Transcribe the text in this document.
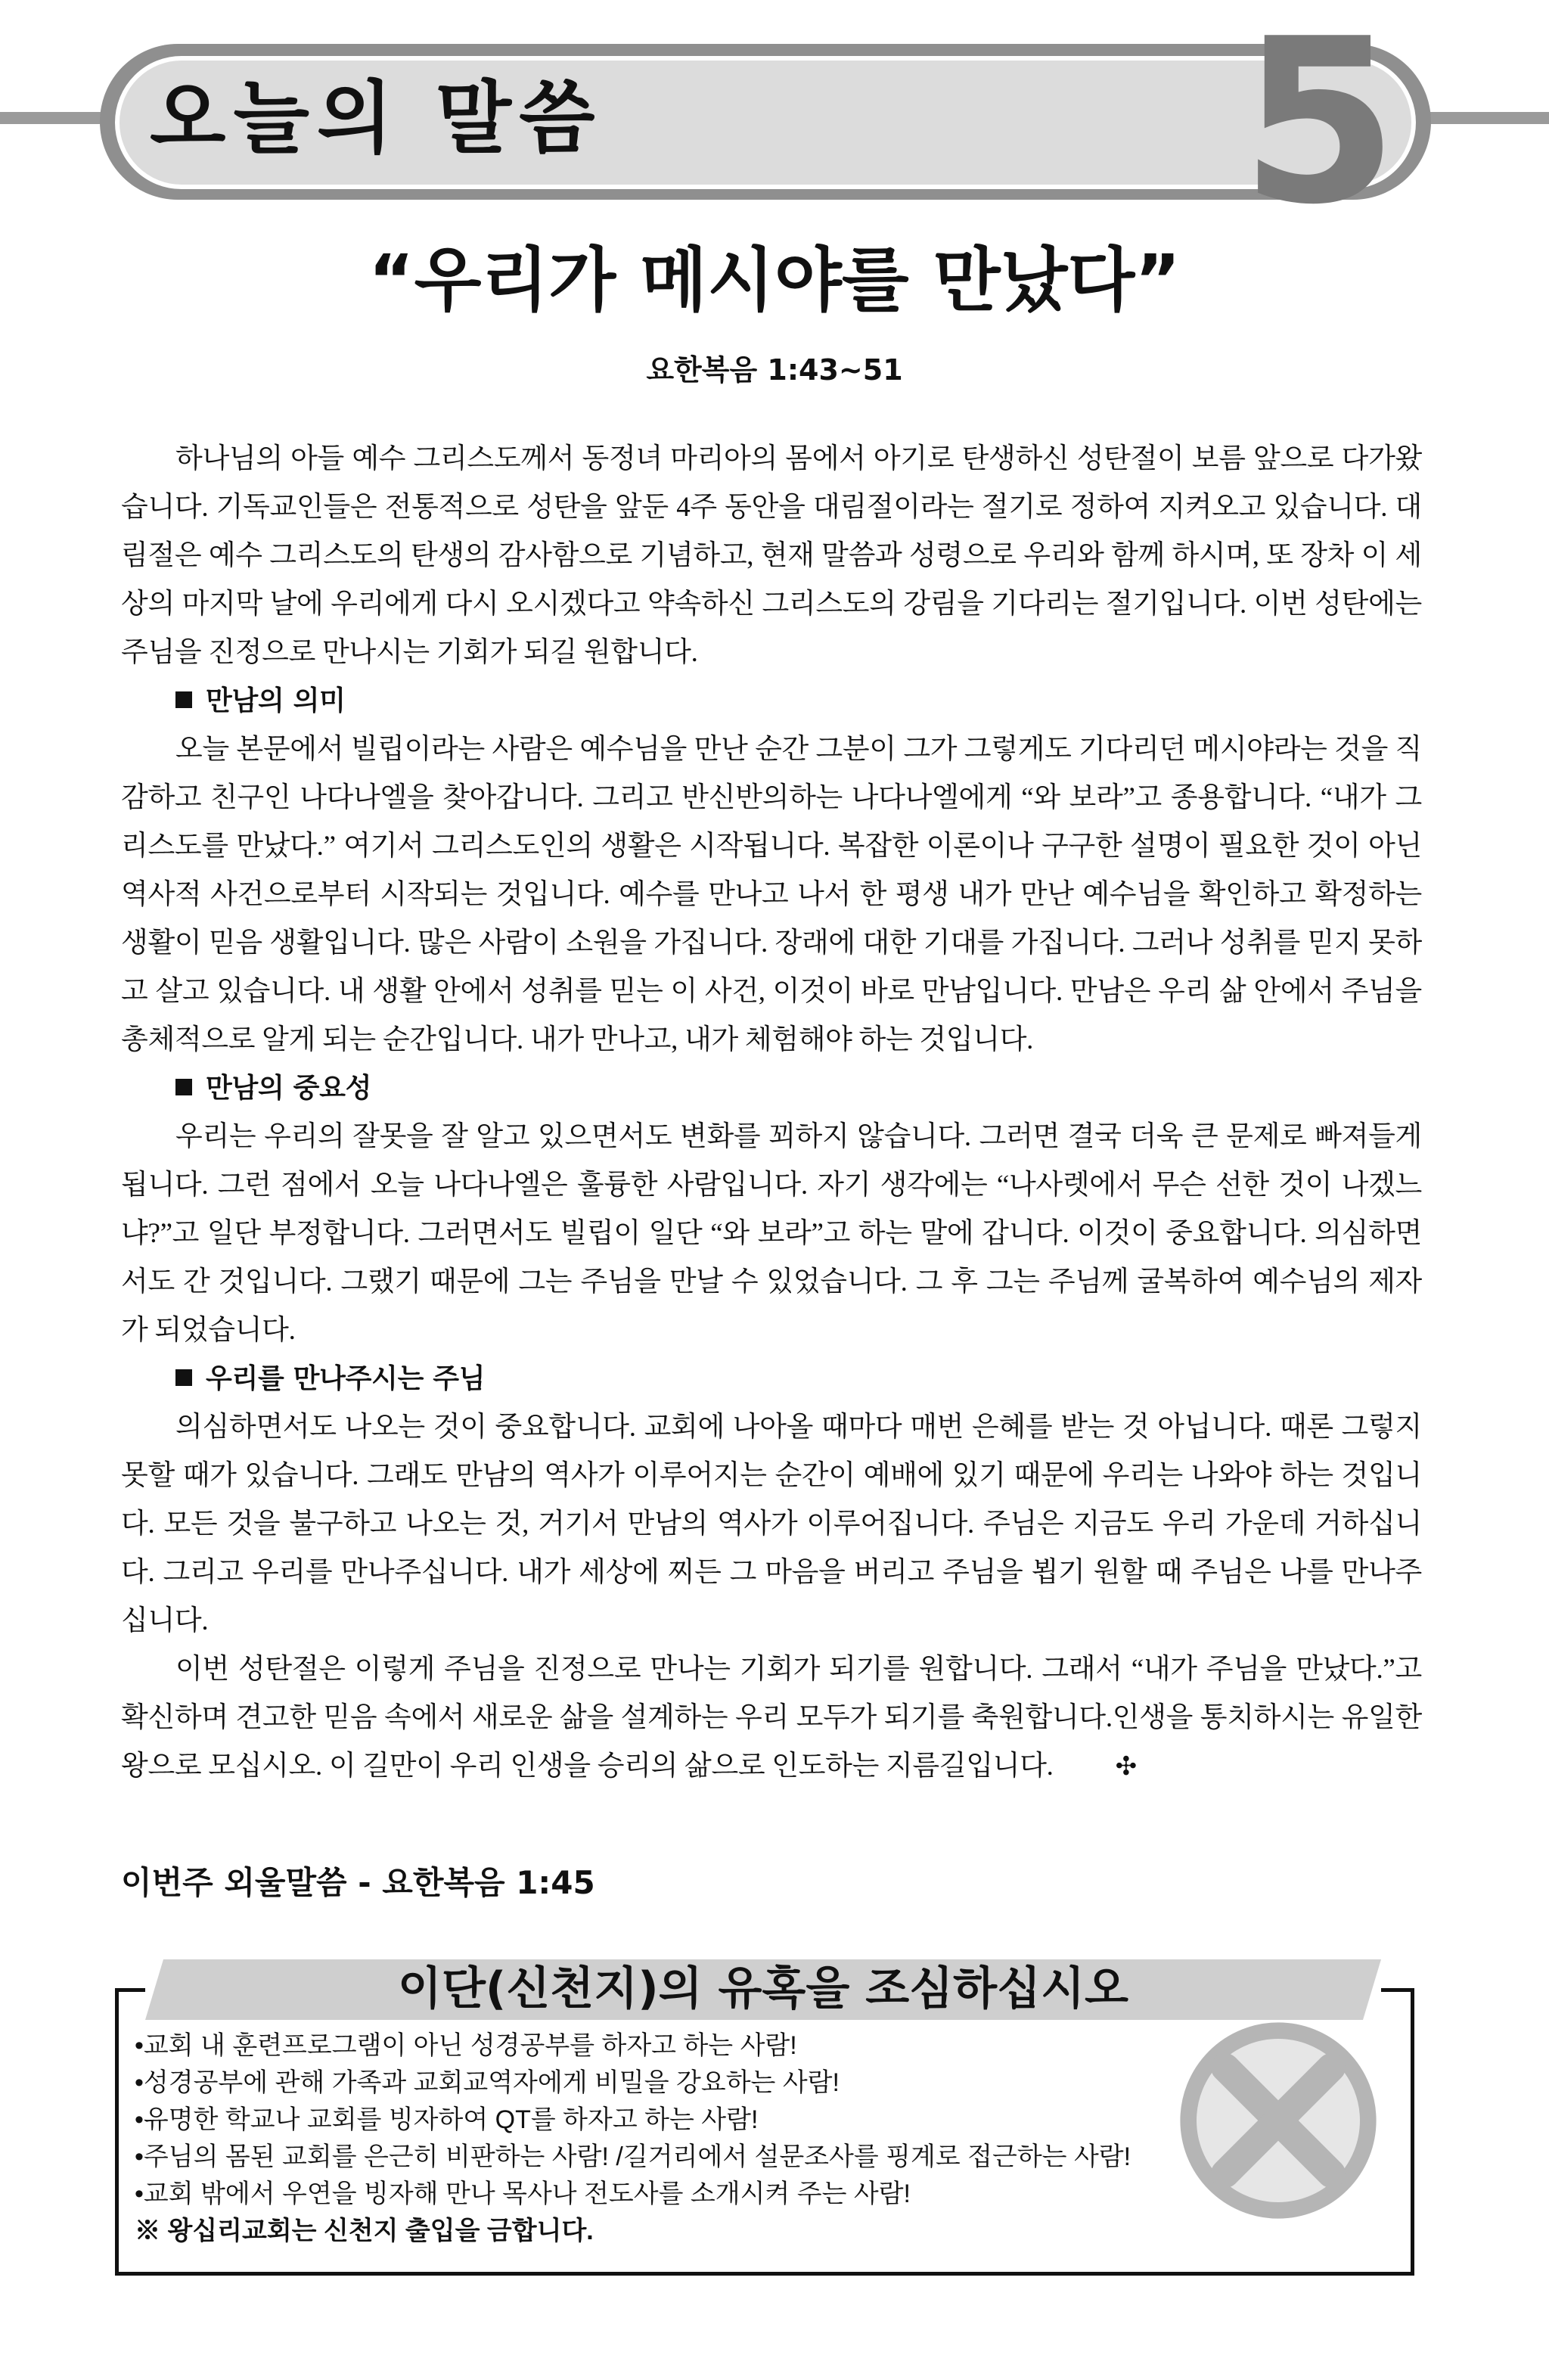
오늘의 말씀	5
“우리가 메시야를 만났다”
요한복음 1:43~51

하나님의 아들 예수 그리스도께서 동정녀 마리아의 몸에서 아기로 탄생하신 성탄절이 보름 앞으로 다가왔습니다. 기독교인들은 전통적으로 성탄을 앞둔 4주 동안을 대림절이라는 절기로 정하여 지켜오고 있습니다. 대림절은 예수 그리스도의 탄생의 감사함으로 기념하고, 현재 말씀과 성령으로 우리와 함께 하시며, 또 장차 이 세상의 마지막 날에 우리에게 다시 오시겠다고 약속하신 그리스도의 강림을 기다리는 절기입니다. 이번 성탄에는 주님을 진정으로 만나시는 기회가 되길 원합니다.

만남의 의미

오늘 본문에서 빌립이라는 사람은 예수님을 만난 순간 그분이 그가 그렇게도 기다리던 메시야라는 것을 직감하고 친구인 나다나엘을 찾아갑니다. 그리고 반신반의하는 나다나엘에게 “와 보라”고 종용합니다. “내가 그리스도를 만났다.” 여기서 그리스도인의 생활은 시작됩니다. 복잡한 이론이나 구구한 설명이 필요한 것이 아닌 역사적 사건으로부터 시작되는 것입니다. 예수를 만나고 나서 한 평생 내가 만난 예수님을 확인하고 확정하는 생활이 믿음 생활입니다. 많은 사람이 소원을 가집니다. 장래에 대한 기대를 가집니다. 그러나 성취를 믿지 못하고 살고 있습니다. 내 생활 안에서 성취를 믿는 이 사건, 이것이 바로 만남입니다. 만남은 우리 삶 안에서 주님을 총체적으로 알게 되는 순간입니다. 내가 만나고, 내가 체험해야 하는 것입니다.

만남의 중요성

우리는 우리의 잘못을 잘 알고 있으면서도 변화를 꾀하지 않습니다. 그러면 결국 더욱 큰 문제로 빠져들게 됩니다. 그런 점에서 오늘 나다나엘은 훌륭한 사람입니다. 자기 생각에는 “나사렛에서 무슨 선한 것이 나겠느냐?”고 일단 부정합니다. 그러면서도 빌립이 일단 “와 보라”고 하는 말에 갑니다. 이것이 중요합니다. 의심하면서도 간 것입니다. 그랬기 때문에 그는 주님을 만날 수 있었습니다. 그 후 그는 주님께 굴복하여 예수님의 제자가 되었습니다.

우리를 만나주시는 주님

의심하면서도 나오는 것이 중요합니다. 교회에 나아올 때마다 매번 은혜를 받는 것 아닙니다. 때론 그렇지 못할 때가 있습니다. 그래도 만남의 역사가 이루어지는 순간이 예배에 있기 때문에 우리는 나와야 하는 것입니다. 모든 것을 불구하고 나오는 것, 거기서 만남의 역사가 이루어집니다. 주님은 지금도 우리 가운데 거하십니다. 그리고 우리를 만나주십니다. 내가 세상에 찌든 그 마음을 버리고 주님을 뵙기 원할 때 주님은 나를 만나주십니다.

이번 성탄절은 이렇게 주님을 진정으로 만나는 기회가 되기를 원합니다. 그래서 “내가 주님을 만났다.”고 확신하며 견고한 믿음 속에서 새로운 삶을 설계하는 우리 모두가 되기를 축원합니다.인생을 통치하시는 유일한 왕으로 모십시오. 이 길만이 우리 인생을 승리의 삶으로 인도하는 지름길입니다. ✣

이번주 외울말씀 - 요한복음 1:45
이단(신천지)의 유혹을 조심하십시오
•교회 내 훈련프로그램이 아닌 성경공부를 하자고 하는 사람!
•성경공부에 관해 가족과 교회교역자에게 비밀을 강요하는 사람!
•유명한 학교나 교회를 빙자하여 QT를 하자고 하는 사람!
•주님의 몸된 교회를 은근히 비판하는 사람! /길거리에서 설문조사를 핑계로 접근하는 사람!
•교회 밖에서 우연을 빙자해 만나 목사나 전도사를 소개시켜 주는 사람!
※ 왕십리교회는 신천지 출입을 금합니다.
